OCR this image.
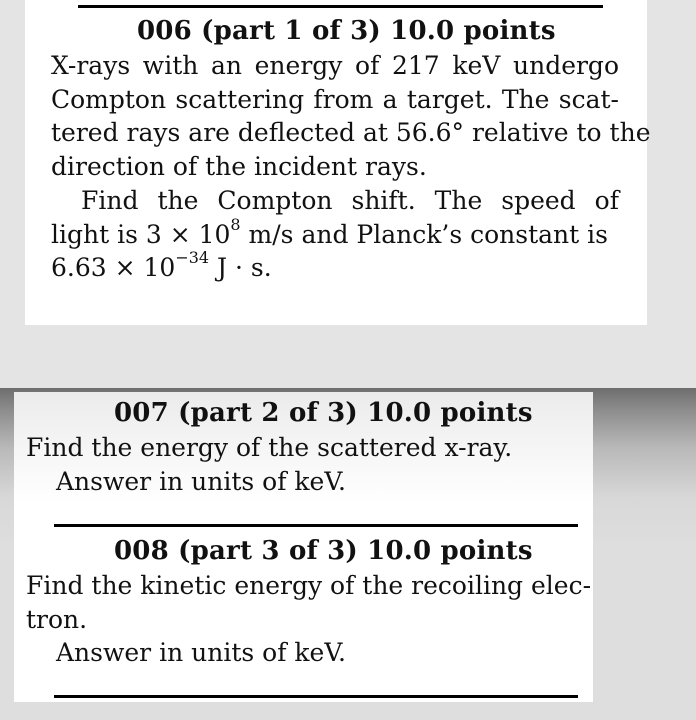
006 (part 1 of 3) 10.0 points
X-rays with an energy of 217 keV undergo
Compton scattering from a target. The scat-
tered rays are deflected at 56.6° relative to the
direction of the incident rays.
Find the Compton shift. The speed of
light is $3 \times 10^8$ m/s and Planck’s constant is
$6.63 \times 10^{-34}$ J · s.
007 (part 2 of 3) 10.0 points
Find the energy of the scattered x-ray.
Answer in units of keV.
008 (part 3 of 3) 10.0 points
Find the kinetic energy of the recoiling elec-
tron.
Answer in units of keV.
